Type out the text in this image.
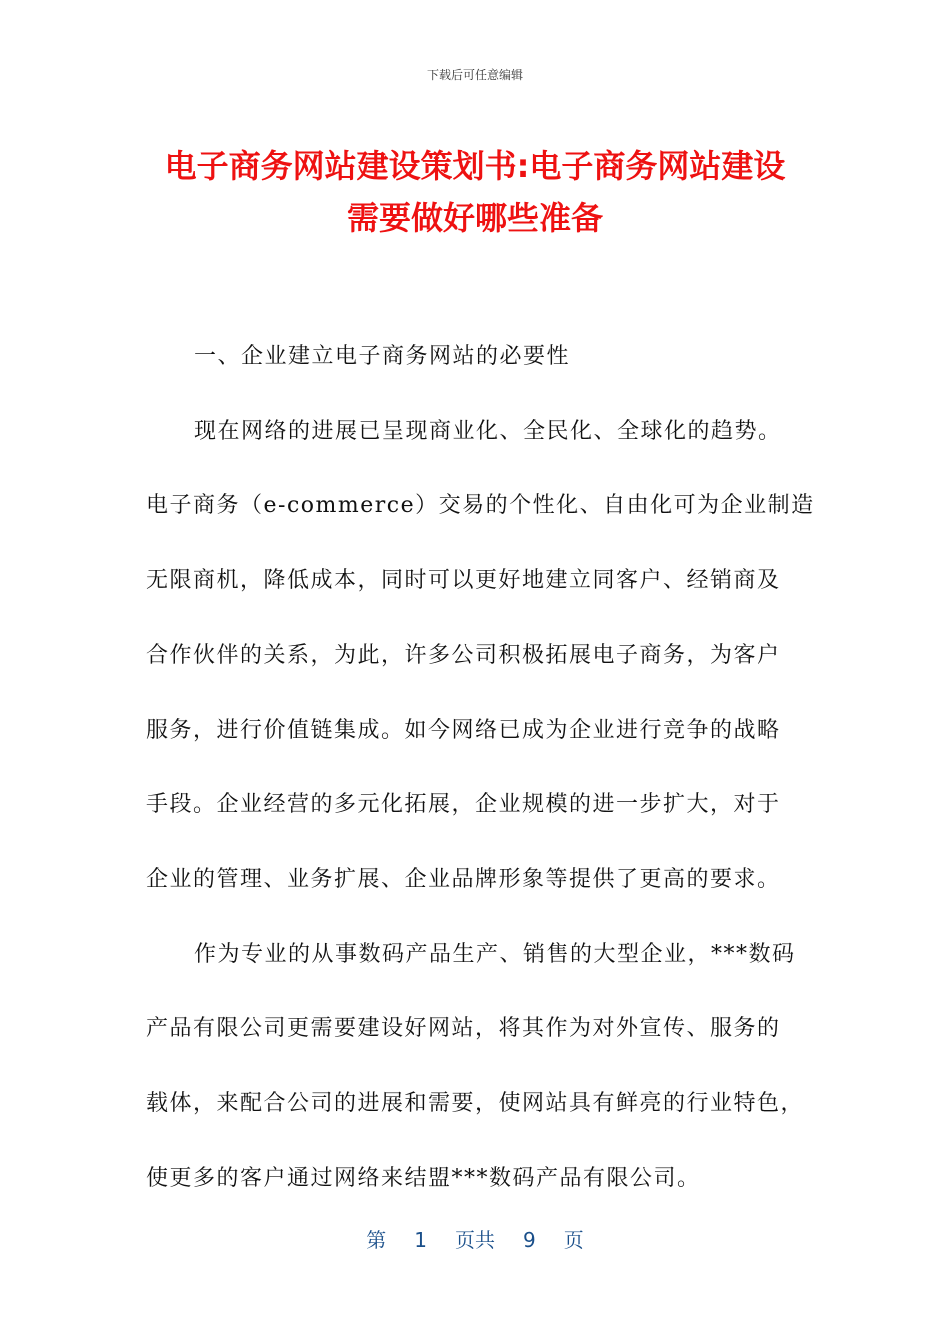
下载后可任意编辑
电子商务网站建设策划书:电子商务网站建设
需要做好哪些准备
一、企业建立电子商务网站的必要性
现在网络的进展已呈现商业化、全民化、全球化的趋势。
电子商务（e-commerce）交易的个性化、自由化可为企业制造
无限商机，降低成本，同时可以更好地建立同客户、经销商及
合作伙伴的关系，为此，许多公司积极拓展电子商务，为客户
服务，进行价值链集成。如今网络已成为企业进行竞争的战略
手段。企业经营的多元化拓展，企业规模的进一步扩大，对于
企业的管理、业务扩展、企业品牌形象等提供了更高的要求。
作为专业的从事数码产品生产、销售的大型企业，***数码
产品有限公司更需要建设好网站，将其作为对外宣传、服务的
载体，来配合公司的进展和需要，使网站具有鲜亮的行业特色，
使更多的客户通过网络来结盟***数码产品有限公司。
第 1 页共 9 页
